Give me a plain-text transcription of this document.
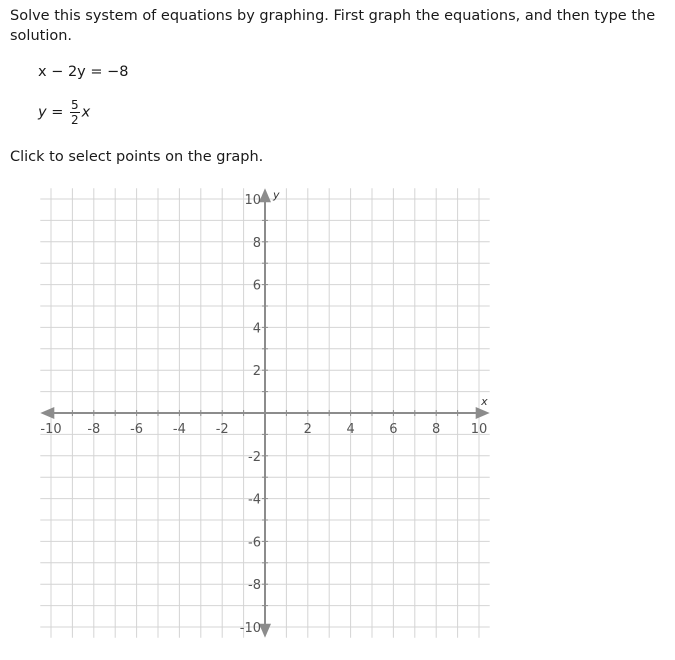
Solve this system of equations by graphing. First graph the equations, and then type the solution.

x − 2y = −8
$y = \frac{5}{2}$ x

Click to select points on the graph.

-10 -8 -6 -4 -2	2	4	6	8 10
10
8
6
4
2
-2
-4
-6
-8
-10
x
y
